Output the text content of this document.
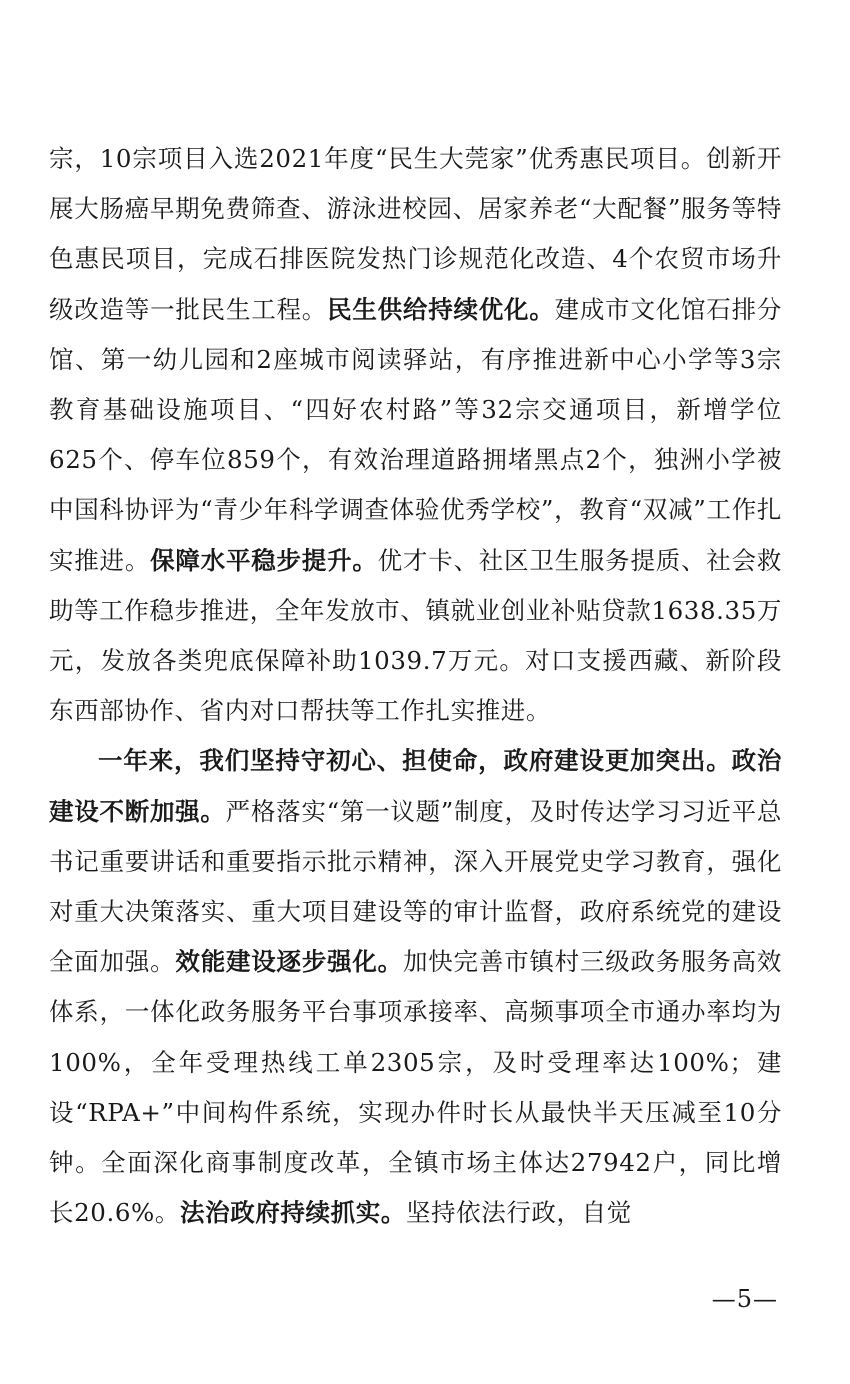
宗，10宗项目入选2021年度“民生大莞家”优秀惠民项目。创新开展大肠癌早期免费筛查、游泳进校园、居家养老“大配餐”服务等特色惠民项目，完成石排医院发热门诊规范化改造、4个农贸市场升级改造等一批民生工程。民生供给持续优化。建成市文化馆石排分馆、第一幼儿园和2座城市阅读驿站，有序推进新中心小学等3宗教育基础设施项目、“四好农村路”等32宗交通项目，新增学位625个、停车位859个，有效治理道路拥堵黑点2个，独洲小学被中国科协评为“青少年科学调查体验优秀学校”，教育“双减”工作扎实推进。保障水平稳步提升。优才卡、社区卫生服务提质、社会救助等工作稳步推进，全年发放市、镇就业创业补贴贷款1638.35万元，发放各类兜底保障补助1039.7万元。对口支援西藏、新阶段东西部协作、省内对口帮扶等工作扎实推进。

一年来，我们坚持守初心、担使命，政府建设更加突出。政治建设不断加强。严格落实“第一议题”制度，及时传达学习习近平总书记重要讲话和重要指示批示精神，深入开展党史学习教育，强化对重大决策落实、重大项目建设等的审计监督，政府系统党的建设全面加强。效能建设逐步强化。加快完善市镇村三级政务服务高效体系，一体化政务服务平台事项承接率、高频事项全市通办率均为100%，全年受理热线工单2305宗，及时受理率达100%；建设“RPA+”中间构件系统，实现办件时长从最快半天压减至10分钟。全面深化商事制度改革，全镇市场主体达27942户，同比增长20.6%。法治政府持续抓实。坚持依法行政，自觉

—5—
